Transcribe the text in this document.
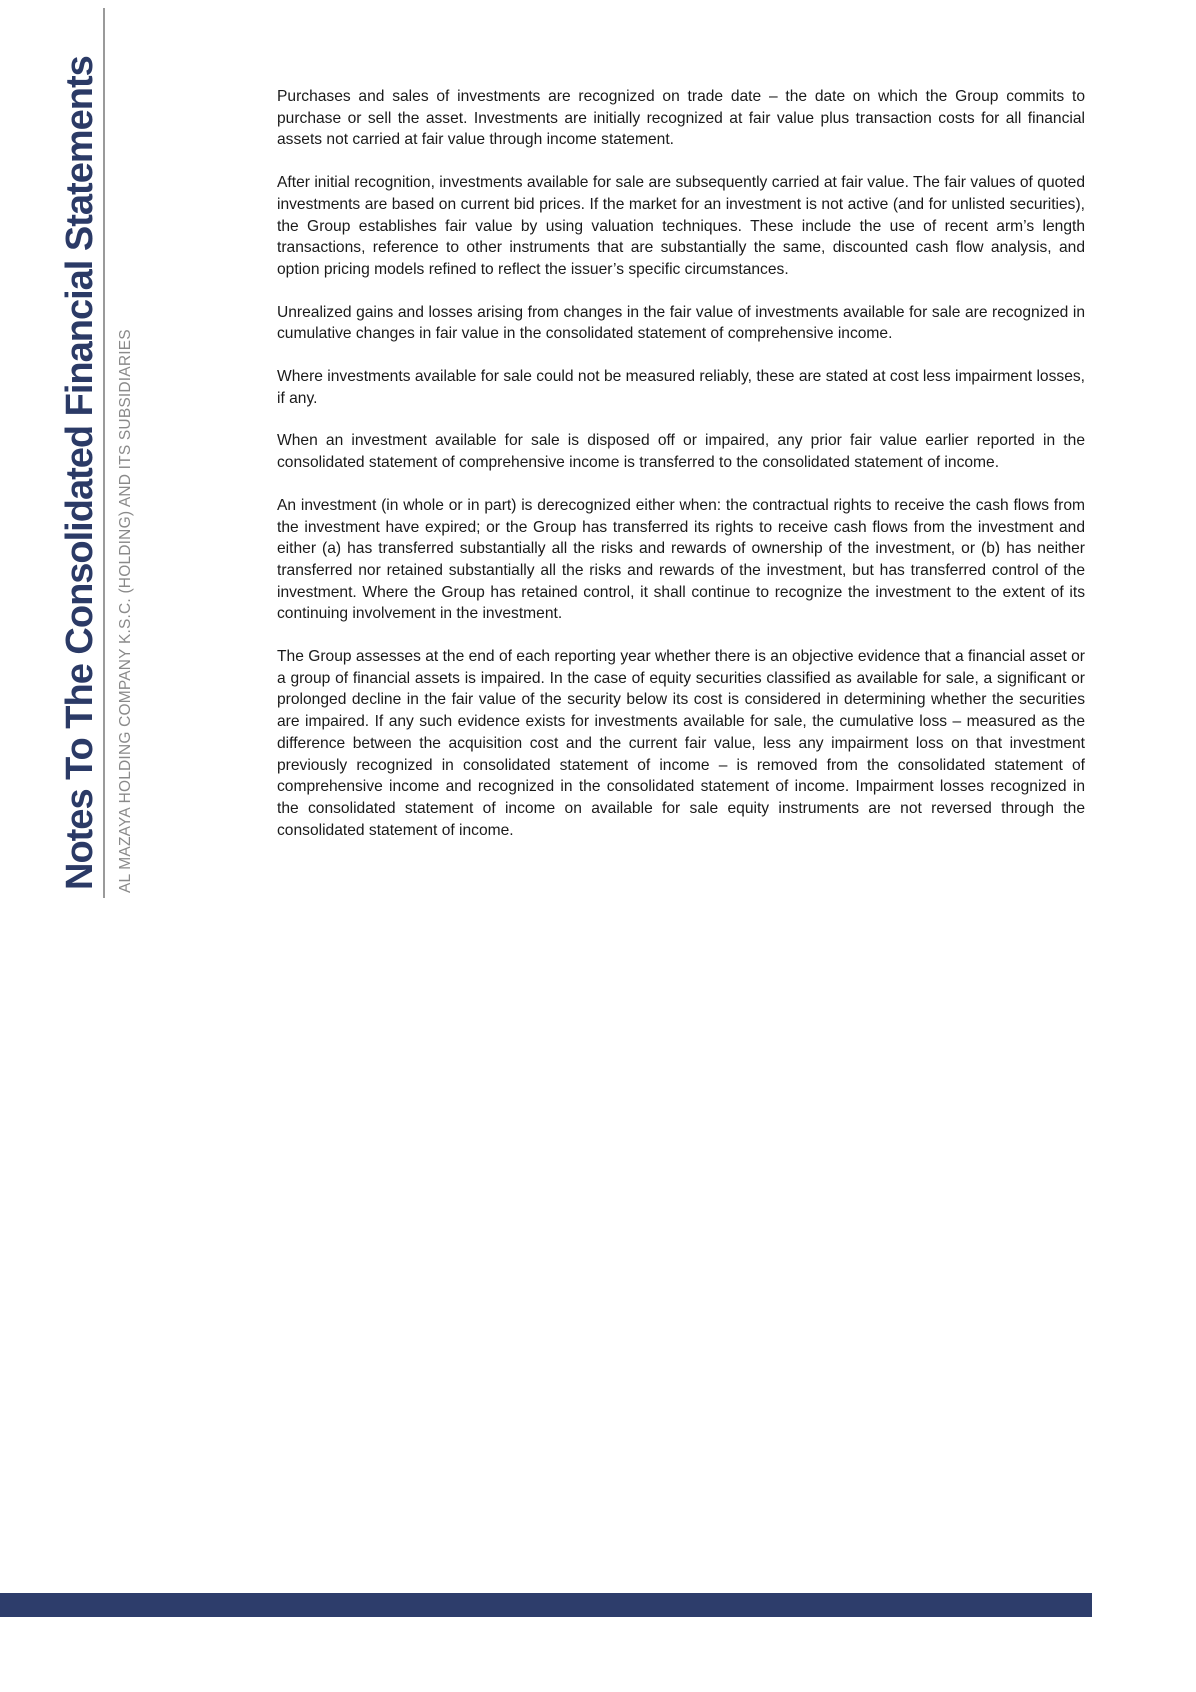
Notes To The Consolidated Financial Statements AL MAZAYA HOLDING COMPANY K.S.C. (HOLDING) AND ITS SUBSIDIARIES

Purchases and sales of investments are recognized on trade date – the date on which the Group commits to purchase or sell the asset. Investments are initially recognized at fair value plus transaction costs for all financial assets not carried at fair value through income statement.

After initial recognition, investments available for sale are subsequently carried at fair value. The fair values of quoted investments are based on current bid prices. If the market for an investment is not active (and for unlisted securities), the Group establishes fair value by using valuation techniques. These include the use of recent arm’s length transactions, reference to other instruments that are substantially the same, discounted cash flow analysis, and option pricing models refined to reflect the issuer’s specific circumstances.

Unrealized gains and losses arising from changes in the fair value of investments available for sale are recognized in cumulative changes in fair value in the consolidated statement of comprehensive income.

Where investments available for sale could not be measured reliably, these are stated at cost less impairment losses, if any.

When an investment available for sale is disposed off or impaired, any prior fair value earlier reported in the consolidated statement of comprehensive income is transferred to the consolidated statement of income.

An investment (in whole or in part) is derecognized either when: the contractual rights to receive the cash flows from the investment have expired; or the Group has transferred its rights to receive cash flows from the investment and either (a) has transferred substantially all the risks and rewards of ownership of the investment, or (b) has neither transferred nor retained substantially all the risks and rewards of the investment, but has transferred control of the investment. Where the Group has retained control, it shall continue to recognize the investment to the extent of its continuing involvement in the investment.

The Group assesses at the end of each reporting year whether there is an objective evidence that a financial asset or a group of financial assets is impaired. In the case of equity securities classified as available for sale, a significant or prolonged decline in the fair value of the security below its cost is considered in determining whether the securities are impaired. If any such evidence exists for investments available for sale, the cumulative loss – measured as the difference between the acquisition cost and the current fair value, less any impairment loss on that investment previously recognized in consolidated statement of income – is removed from the consolidated statement of comprehensive income and recognized in the consolidated statement of income. Impairment losses recognized in the consolidated statement of income on available for sale equity instruments are not reversed through the consolidated statement of income.
